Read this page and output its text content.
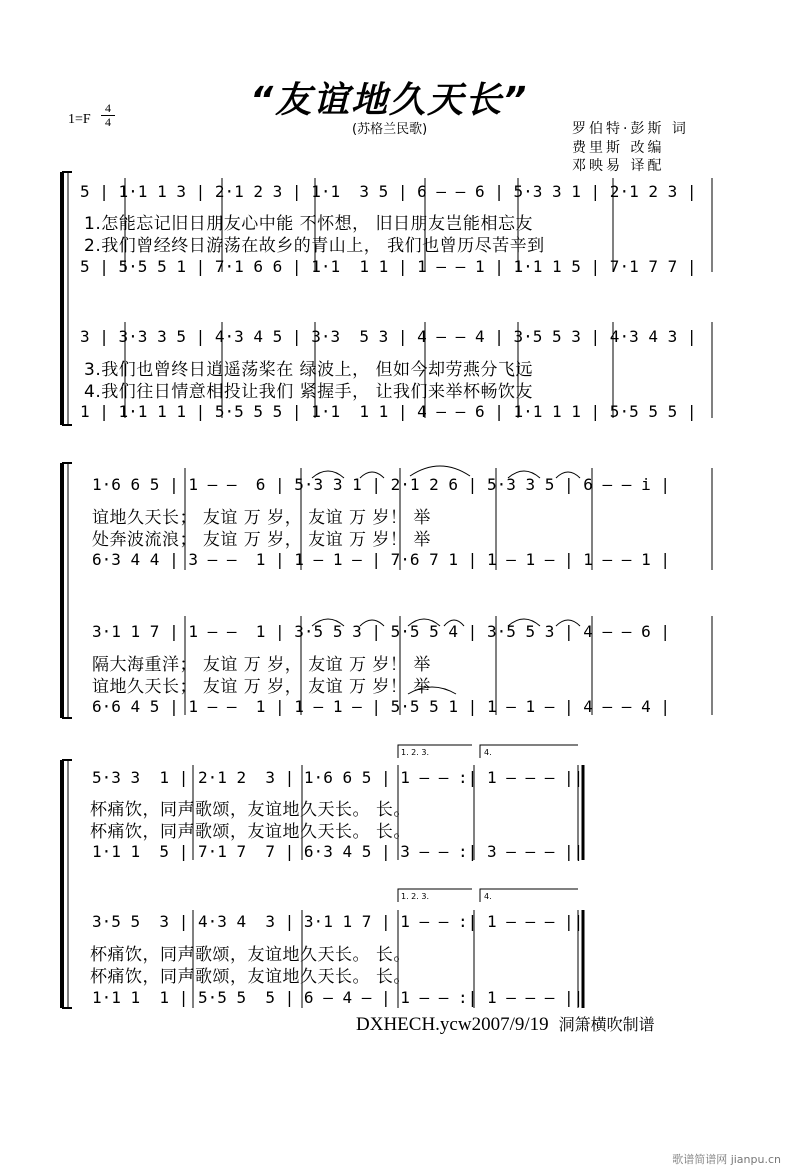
$1=F \frac{4}{4}$	“友谊地久天长”
(苏格兰民歌)	罗伯特·彭斯 词
费里斯 改编
邓映易 译配
5 | 1·1 1 3 | 2·1 2 3 | 1·1  3 5 | 6 – – 6 | 5·3 3 1 | 2·1 2 3 |
5 | 5·5 5 1 | 7·1 6 6 | 1·1  1 1 | 1 – – 1 | 1·1 1 5 | 7·1 7 7 |
3 | 3·3 3 5 | 4·3 4 5 | 3·3  5 3 | 4 – – 4 | 3·5 5 3 | 4·3 4 3 |
1 | 1·1 1 1 | 5·5 5 5 | 1·1  1 1 | 4 – – 6 | 1·1 1 1 | 5·5 5 5 |
1·6 6 5 | 1 – –  6 | 5·3 3 1 | 2·1 2 6 | 5·3 3 5 | 6 – – i |
6·3 4 4 | 3 – –  1 | 1 – 1 – | 7·6 7 1 | 1 – 1 – | 1 – – 1 |
3·1 1 7 | 1 – –  1 | 3·5 5 3 | 5·5 5 4 | 3·5 5 3 | 4 – – 6 |
6·6 4 5 | 1 – –  1 | 1 – 1 – | 5·5 5 1 | 1 – 1 – | 4 – – 4 |
5·3 3  1 | 2·1 2  3 | 1·6 6 5 | 1 – – :| 1 – – – ||
1·1 1  5 | 7·1 7  7 | 6·3 4 5 | 3 – – :| 3 – – – ||
3·5 5  3 | 4·3 4  3 | 3·1 1 7 | 1 – – :| 1 – – – ||
1·1 1  1 | 5·5 5  5 | 6 – 4 – | 1 – – :| 1 – – – ||
1. 2. 3.	4.
1. 2. 3.	4.
1.怎能忘记旧日朋友心中能 不怀想， 旧日朋友岂能相忘友
2.我们曾经终日游荡在故乡的青山上， 我们也曾历尽苦辛到
3.我们也曾终日逍遥荡桨在 绿波上， 但如今却劳燕分飞远
4.我们往日情意相投让我们 紧握手， 让我们来举杯畅饮友
谊地久天长； 友谊 万 岁， 友谊 万 岁！ 举
处奔波流浪； 友谊 万 岁， 友谊 万 岁！ 举
隔大海重洋； 友谊 万 岁， 友谊 万 岁！ 举
谊地久天长； 友谊 万 岁， 友谊 万 岁！ 举
杯痛饮，同声歌颂，友谊地久天长。 长。
杯痛饮，同声歌颂，友谊地久天长。 长。
杯痛饮，同声歌颂，友谊地久天长。 长。
杯痛饮，同声歌颂，友谊地久天长。 长。
DXHECH.ycw2007/9/19 洞箫横吹制谱
歌谱简谱网 jianpu.cn
